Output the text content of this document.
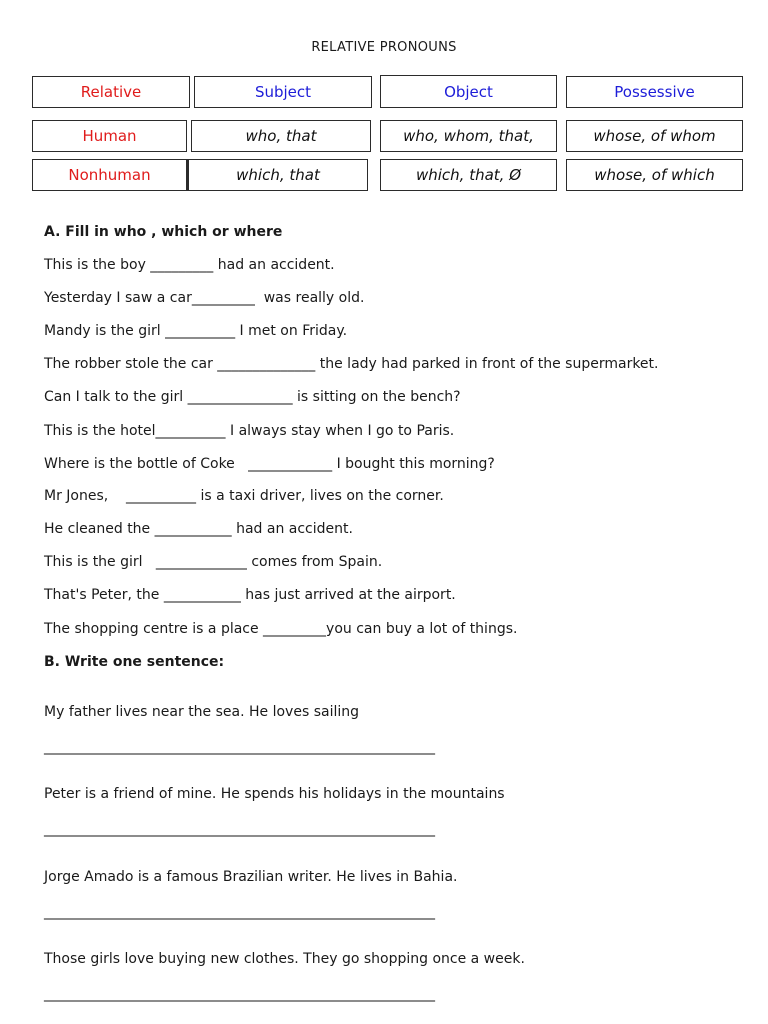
RELATIVE PRONOUNS
Relative	Subject	Object	Possessive
Human	who, that	who, whom, that,	whose, of whom
Nonhuman	which, that	which, that, Ø	whose, of which
A. Fill in who , which or where
This is the boy _________ had an accident.
Yesterday I saw a car_________  was really old.
Mandy is the girl __________ I met on Friday.
The robber stole the car ______________ the lady had parked in front of the supermarket.
Can I talk to the girl _______________ is sitting on the bench?
This is the hotel__________ I always stay when I go to Paris.
Where is the bottle of Coke   ____________ I bought this morning?
Mr Jones,    __________ is a taxi driver, lives on the corner.
He cleaned the ___________ had an accident.
This is the girl   _____________ comes from Spain.
That's Peter, the ___________ has just arrived at the airport.
The shopping centre is a place _________you can buy a lot of things.
B. Write one sentence:
My father lives near the sea. He loves sailing
_____________________________________________________________
Peter is a friend of mine. He spends his holidays in the mountains
_____________________________________________________________
Jorge Amado is a famous Brazilian writer. He lives in Bahia.
_____________________________________________________________
Those girls love buying new clothes. They go shopping once a week.
_____________________________________________________________
